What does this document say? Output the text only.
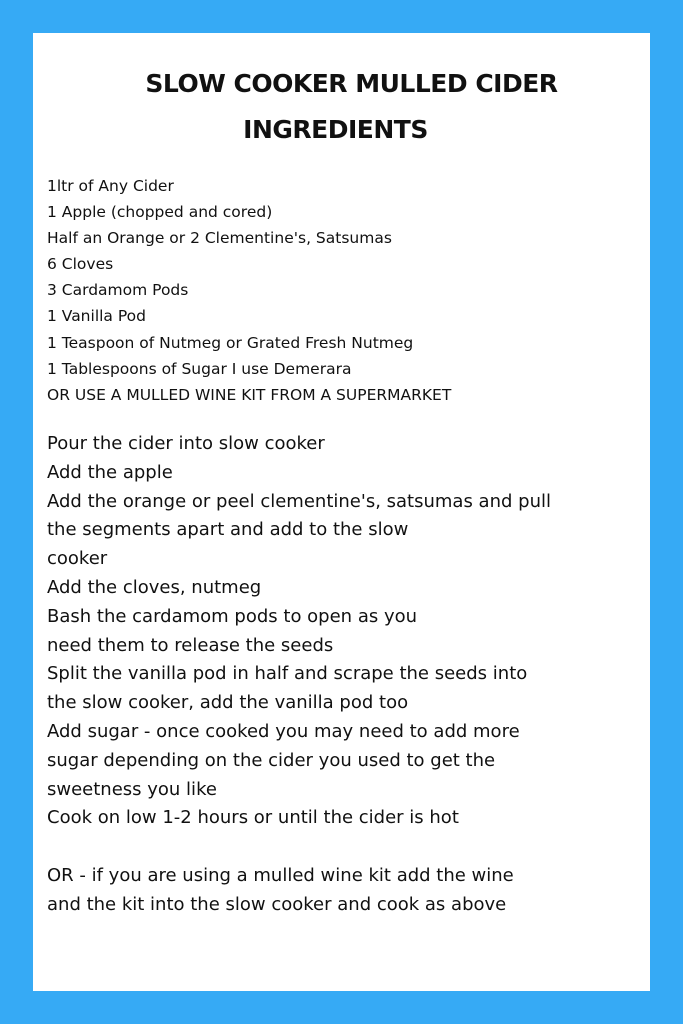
SLOW COOKER MULLED CIDER
INGREDIENTS
1ltr of Any Cider
1 Apple (chopped and cored)
Half an Orange or 2 Clementine's, Satsumas
6 Cloves
3 Cardamom Pods
1 Vanilla Pod
1 Teaspoon of Nutmeg or Grated Fresh Nutmeg
1 Tablespoons of Sugar I use Demerara
OR USE A MULLED WINE KIT FROM A SUPERMARKET
Pour the cider into slow cooker
Add the apple
Add the orange or peel clementine's, satsumas and pull
the segments apart and add to the slow
cooker
Add the cloves, nutmeg
Bash the cardamom pods to open as you
need them to release the seeds
Split the vanilla pod in half and scrape the seeds into
the slow cooker, add the vanilla pod too
Add sugar - once cooked you may need to add more
sugar depending on the cider you used to get the
sweetness you like
Cook on low 1-2 hours or until the cider is hot
OR - if you are using a mulled wine kit add the wine
and the kit into the slow cooker and cook as above
